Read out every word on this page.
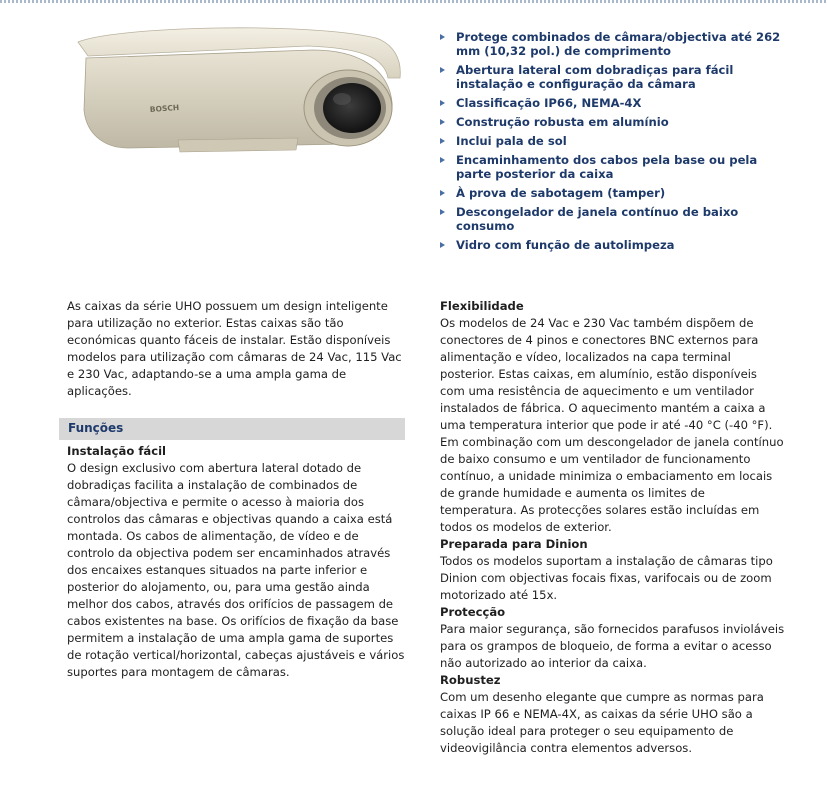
BOSCH
Protege combinados de câmara/objectiva até 262 mm (10,32 pol.) de comprimento
Abertura lateral com dobradiças para fácil instalação e configuração da câmara
Classificação IP66, NEMA-4X
Construção robusta em alumínio
Inclui pala de sol
Encaminhamento dos cabos pela base ou pela parte posterior da caixa
À prova de sabotagem (tamper)
Descongelador de janela contínuo de baixo consumo
Vidro com função de autolimpeza

As caixas da série UHO possuem um design inteligente para utilização no exterior. Estas caixas são tão económicas quanto fáceis de instalar. Estão disponíveis modelos para utilização com câmaras de 24 Vac, 115 Vac e 230 Vac, adaptando-se a uma ampla gama de aplicações.

Funções

Instalação fácil

O design exclusivo com abertura lateral dotado de dobradiças facilita a instalação de combinados de câmara/objectiva e permite o acesso à maioria dos controlos das câmaras e objectivas quando a caixa está montada. Os cabos de alimentação, de vídeo e de controlo da objectiva podem ser encaminhados através dos encaixes estanques situados na parte inferior e posterior do alojamento, ou, para uma gestão ainda melhor dos cabos, através dos orifícios de passagem de cabos existentes na base. Os orifícios de fixação da base permitem a instalação de uma ampla gama de suportes de rotação vertical/horizontal, cabeças ajustáveis e vários suportes para montagem de câmaras.

Flexibilidade

Os modelos de 24 Vac e 230 Vac também dispõem de conectores de 4 pinos e conectores BNC externos para alimentação e vídeo, localizados na capa terminal posterior. Estas caixas, em alumínio, estão disponíveis com uma resistência de aquecimento e um ventilador instalados de fábrica. O aquecimento mantém a caixa a uma temperatura interior que pode ir até -40 °C (-40 °F). Em combinação com um descongelador de janela contínuo de baixo consumo e um ventilador de funcionamento contínuo, a unidade minimiza o embaciamento em locais de grande humidade e aumenta os limites de temperatura. As protecções solares estão incluídas em todos os modelos de exterior.

Preparada para Dinion

Todos os modelos suportam a instalação de câmaras tipo Dinion com objectivas focais fixas, varifocais ou de zoom motorizado até 15x.

Protecção

Para maior segurança, são fornecidos parafusos invioláveis para os grampos de bloqueio, de forma a evitar o acesso não autorizado ao interior da caixa.

Robustez

Com um desenho elegante que cumpre as normas para caixas IP 66 e NEMA-4X, as caixas da série UHO são a solução ideal para proteger o seu equipamento de videovigilância contra elementos adversos.
